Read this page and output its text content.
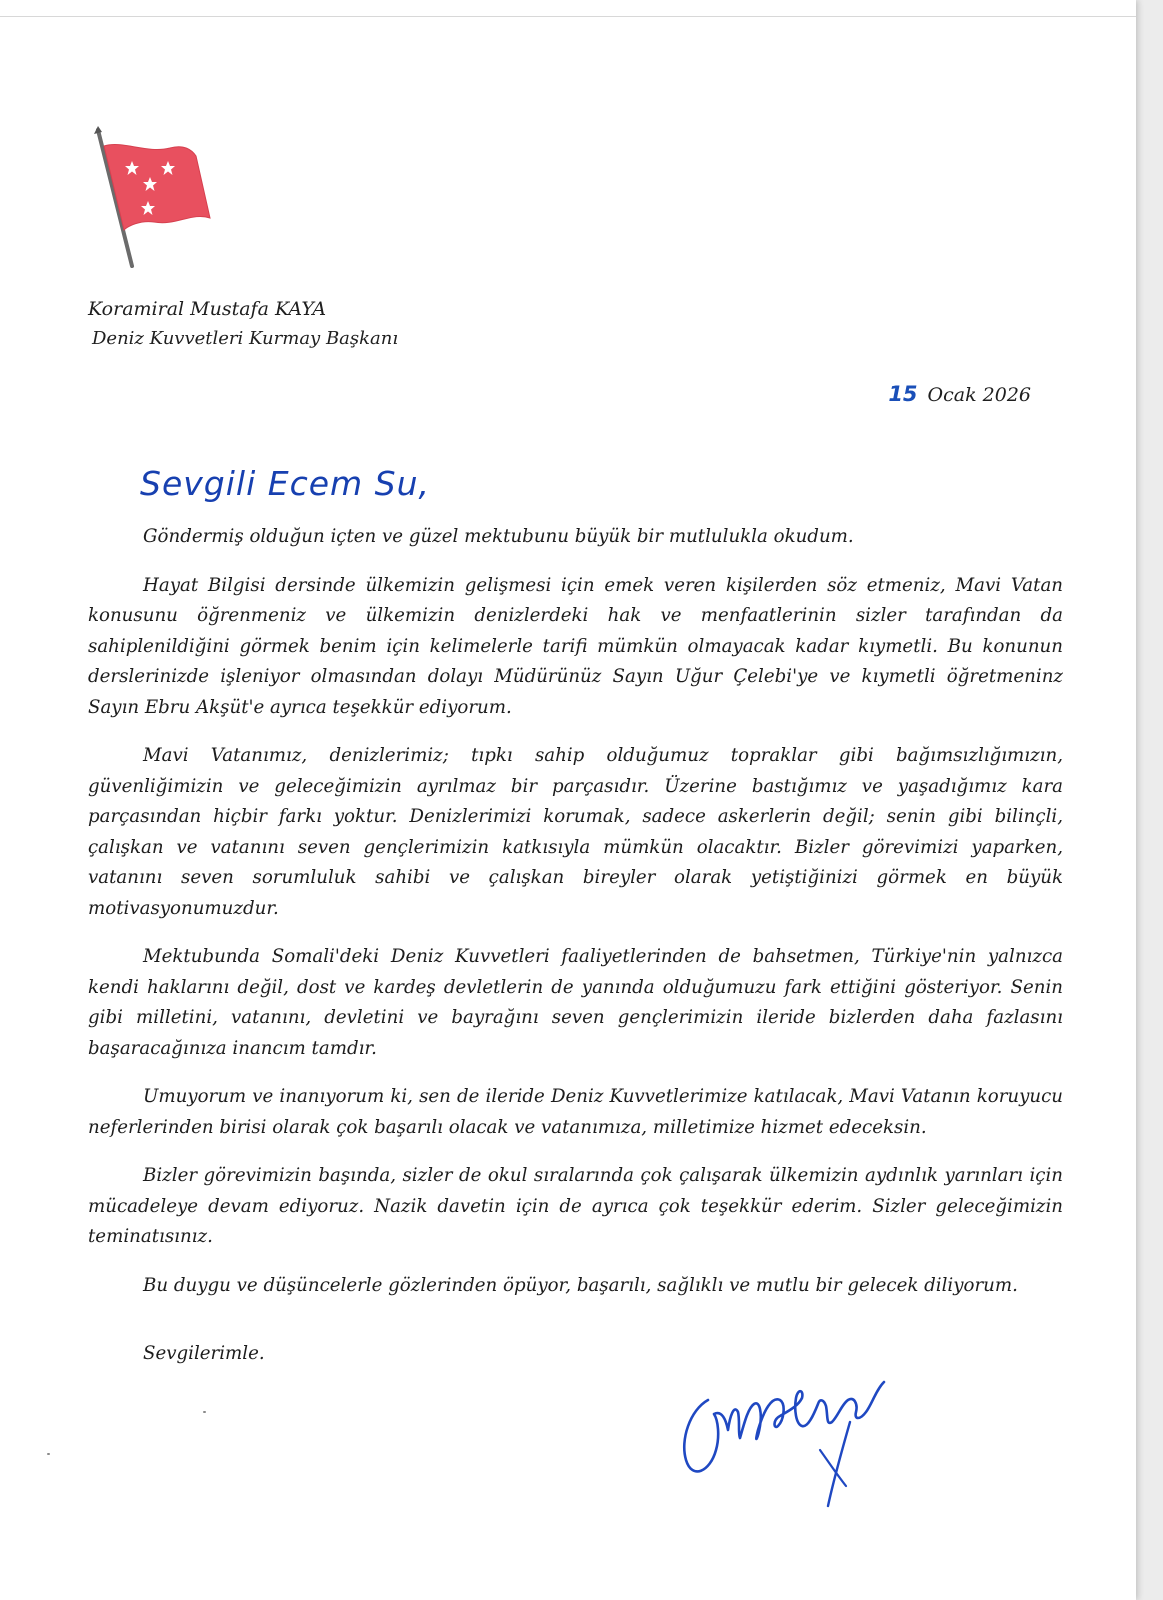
Koramiral Mustafa KAYA
Deniz Kuvvetleri Kurmay Başkanı
15 Ocak 2026
Sevgili Ecem Su,

Göndermiş olduğun içten ve güzel mektubunu büyük bir mutlulukla okudum.

Hayat Bilgisi dersinde ülkemizin gelişmesi için emek veren kişilerden söz etmeniz, Mavi Vatan konusunu öğrenmeniz ve ülkemizin denizlerdeki hak ve menfaatlerinin sizler tarafından da sahiplenildiğini görmek benim için kelimelerle tarifi mümkün olmayacak kadar kıymetli. Bu konunun derslerinizde işleniyor olmasından dolayı Müdürünüz Sayın Uğur Çelebi'ye ve kıymetli öğretmeninz Sayın Ebru Akşüt'e ayrıca teşekkür ediyorum.

Mavi Vatanımız, denizlerimiz; tıpkı sahip olduğumuz topraklar gibi bağımsızlığımızın, güvenliğimizin ve geleceğimizin ayrılmaz bir parçasıdır. Üzerine bastığımız ve yaşadığımız kara parçasından hiçbir farkı yoktur. Denizlerimizi korumak, sadece askerlerin değil; senin gibi bilinçli, çalışkan ve vatanını seven gençlerimizin katkısıyla mümkün olacaktır. Bizler görevimizi yaparken, vatanını seven sorumluluk sahibi ve çalışkan bireyler olarak yetiştiğinizi görmek en büyük motivasyonumuzdur.

Mektubunda Somali'deki Deniz Kuvvetleri faaliyetlerinden de bahsetmen, Türkiye'nin yalnızca kendi haklarını değil, dost ve kardeş devletlerin de yanında olduğumuzu fark ettiğini gösteriyor. Senin gibi milletini, vatanını, devletini ve bayrağını seven gençlerimizin ileride bizlerden daha fazlasını başaracağınıza inancım tamdır.

Umuyorum ve inanıyorum ki, sen de ileride Deniz Kuvvetlerimize katılacak, Mavi Vatanın koruyucu neferlerinden birisi olarak çok başarılı olacak ve vatanımıza, milletimize hizmet edeceksin.

Bizler görevimizin başında, sizler de okul sıralarında çok çalışarak ülkemizin aydınlık yarınları için mücadeleye devam ediyoruz. Nazik davetin için de ayrıca çok teşekkür ederim. Sizler geleceğimizin teminatısınız.

Bu duygu ve düşüncelerle gözlerinden öpüyor, başarılı, sağlıklı ve mutlu bir gelecek diliyorum.

Sevgilerimle.
